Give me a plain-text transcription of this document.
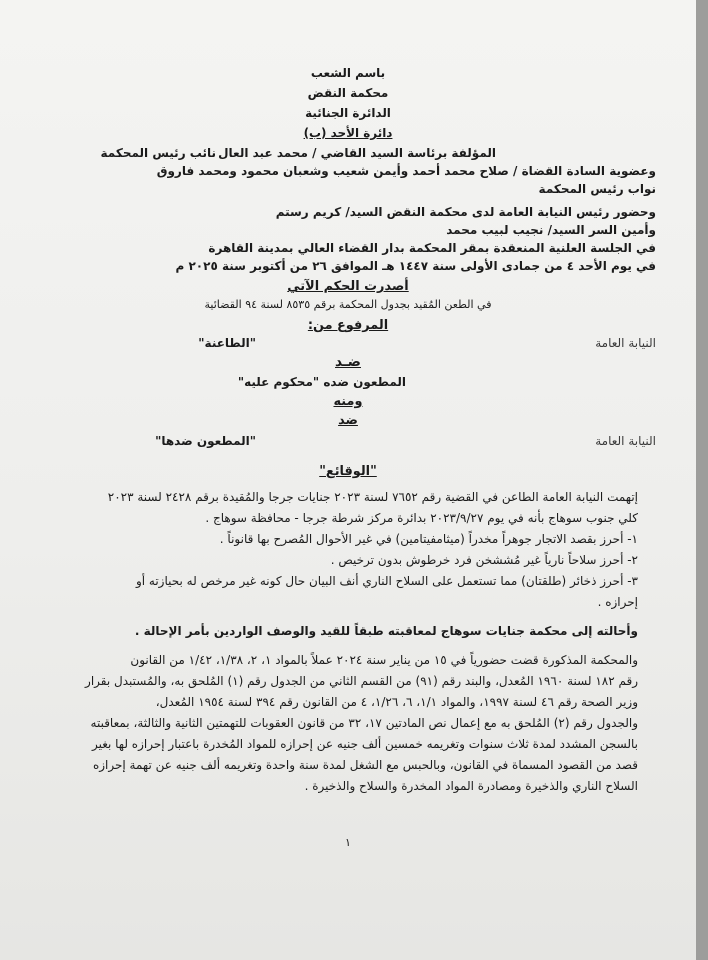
باسم الشعب
محكمة النقض
الدائرة الجنائية
دائرة الأحد (ب)
المؤلفة برئاسة السيد القاضي / محمد عبد العال
نائب رئيس المحكمة
وعضوية السادة القضاة / صلاح محمد أحمد وأيمن شعيب وشعبان محمود ومحمد فاروق
نواب رئيس المحكمة
وحضور رئيس النيابة العامة لدى محكمة النقض السيد/ كريم رستم
وأمين السر السيد/ نجيب لبيب محمد
في الجلسة العلنية المنعقدة بمقر المحكمة بدار القضاء العالي بمدينة القاهرة
في يوم الأحد ٤ من جمادى الأولى سنة ١٤٤٧ هـ الموافق ٢٦ من أكتوبر سنة ٢٠٢٥ م
أصدرت الحكم الآتي
في الطعن المُقيد بجدول المحكمة برقم ٨٥٣٥ لسنة ٩٤ القضائية
المرفوع من:
النيابة العامة
"الطاعنة"
ضـد
المطعون ضده "محكوم عليه"
ومنه
ضد
النيابة العامة
"المطعون ضدها"
"الوقائع"
إتهمت النيابة العامة الطاعن في القضية رقم ٧٦٥٢ لسنة ٢٠٢٣ جنايات جرجا والمُقيدة برقم ٢٤٢٨ لسنة ٢٠٢٣
كلي جنوب سوهاج بأنه في يوم ٢٠٢٣/٩/٢٧ بدائرة مركز شرطة جرجا - محافظة سوهاج .
١- أحرز بقصد الاتجار جوهراً مخدراً (ميثامفيتامين) في غير الأحوال المُصرح بها قانوناً .
٢- أحرز سلاحاً نارياً غير مُششخن فرد خرطوش بدون ترخيص .
٣- أحرز ذخائر (طلقتان) مما تستعمل على السلاح الناري أنف البيان حال كونه غير مرخص له بحيازته أو
إحرازه .
وأحالته إلى محكمة جنايات سوهاج لمعاقبته طبقاً للقيد والوصف الواردين بأمر الإحالة .
والمحكمة المذكورة قضت حضورياً في ١٥ من يناير سنة ٢٠٢٤ عملاً بالمواد ١، ٢، ١/٣٨، ١/٤٢ من القانون
رقم ١٨٢ لسنة ١٩٦٠ المُعدل، والبند رقم (٩١) من القسم الثاني من الجدول رقم (١) المُلحق به، والمُستبدل بقرار
وزير الصحة رقم ٤٦ لسنة ١٩٩٧، والمواد ١/١، ٦، ١/٢٦، ٤ من القانون رقم ٣٩٤ لسنة ١٩٥٤ المُعدل،
والجدول رقم (٢) المُلحق به مع إعمال نص المادتين ١٧، ٣٢ من قانون العقوبات للتهمتين الثانية والثالثة، بمعاقبته
بالسجن المشدد لمدة ثلاث سنوات وتغريمه خمسين ألف جنيه عن إحرازه للمواد المُخدرة باعتبار إحرازه لها بغير
قصد من القصود المسماة في القانون، وبالحبس مع الشغل لمدة سنة واحدة وتغريمه ألف جنيه عن تهمة إحرازه
السلاح الناري والذخيرة ومصادرة المواد المخدرة والسلاح والذخيرة .
١
